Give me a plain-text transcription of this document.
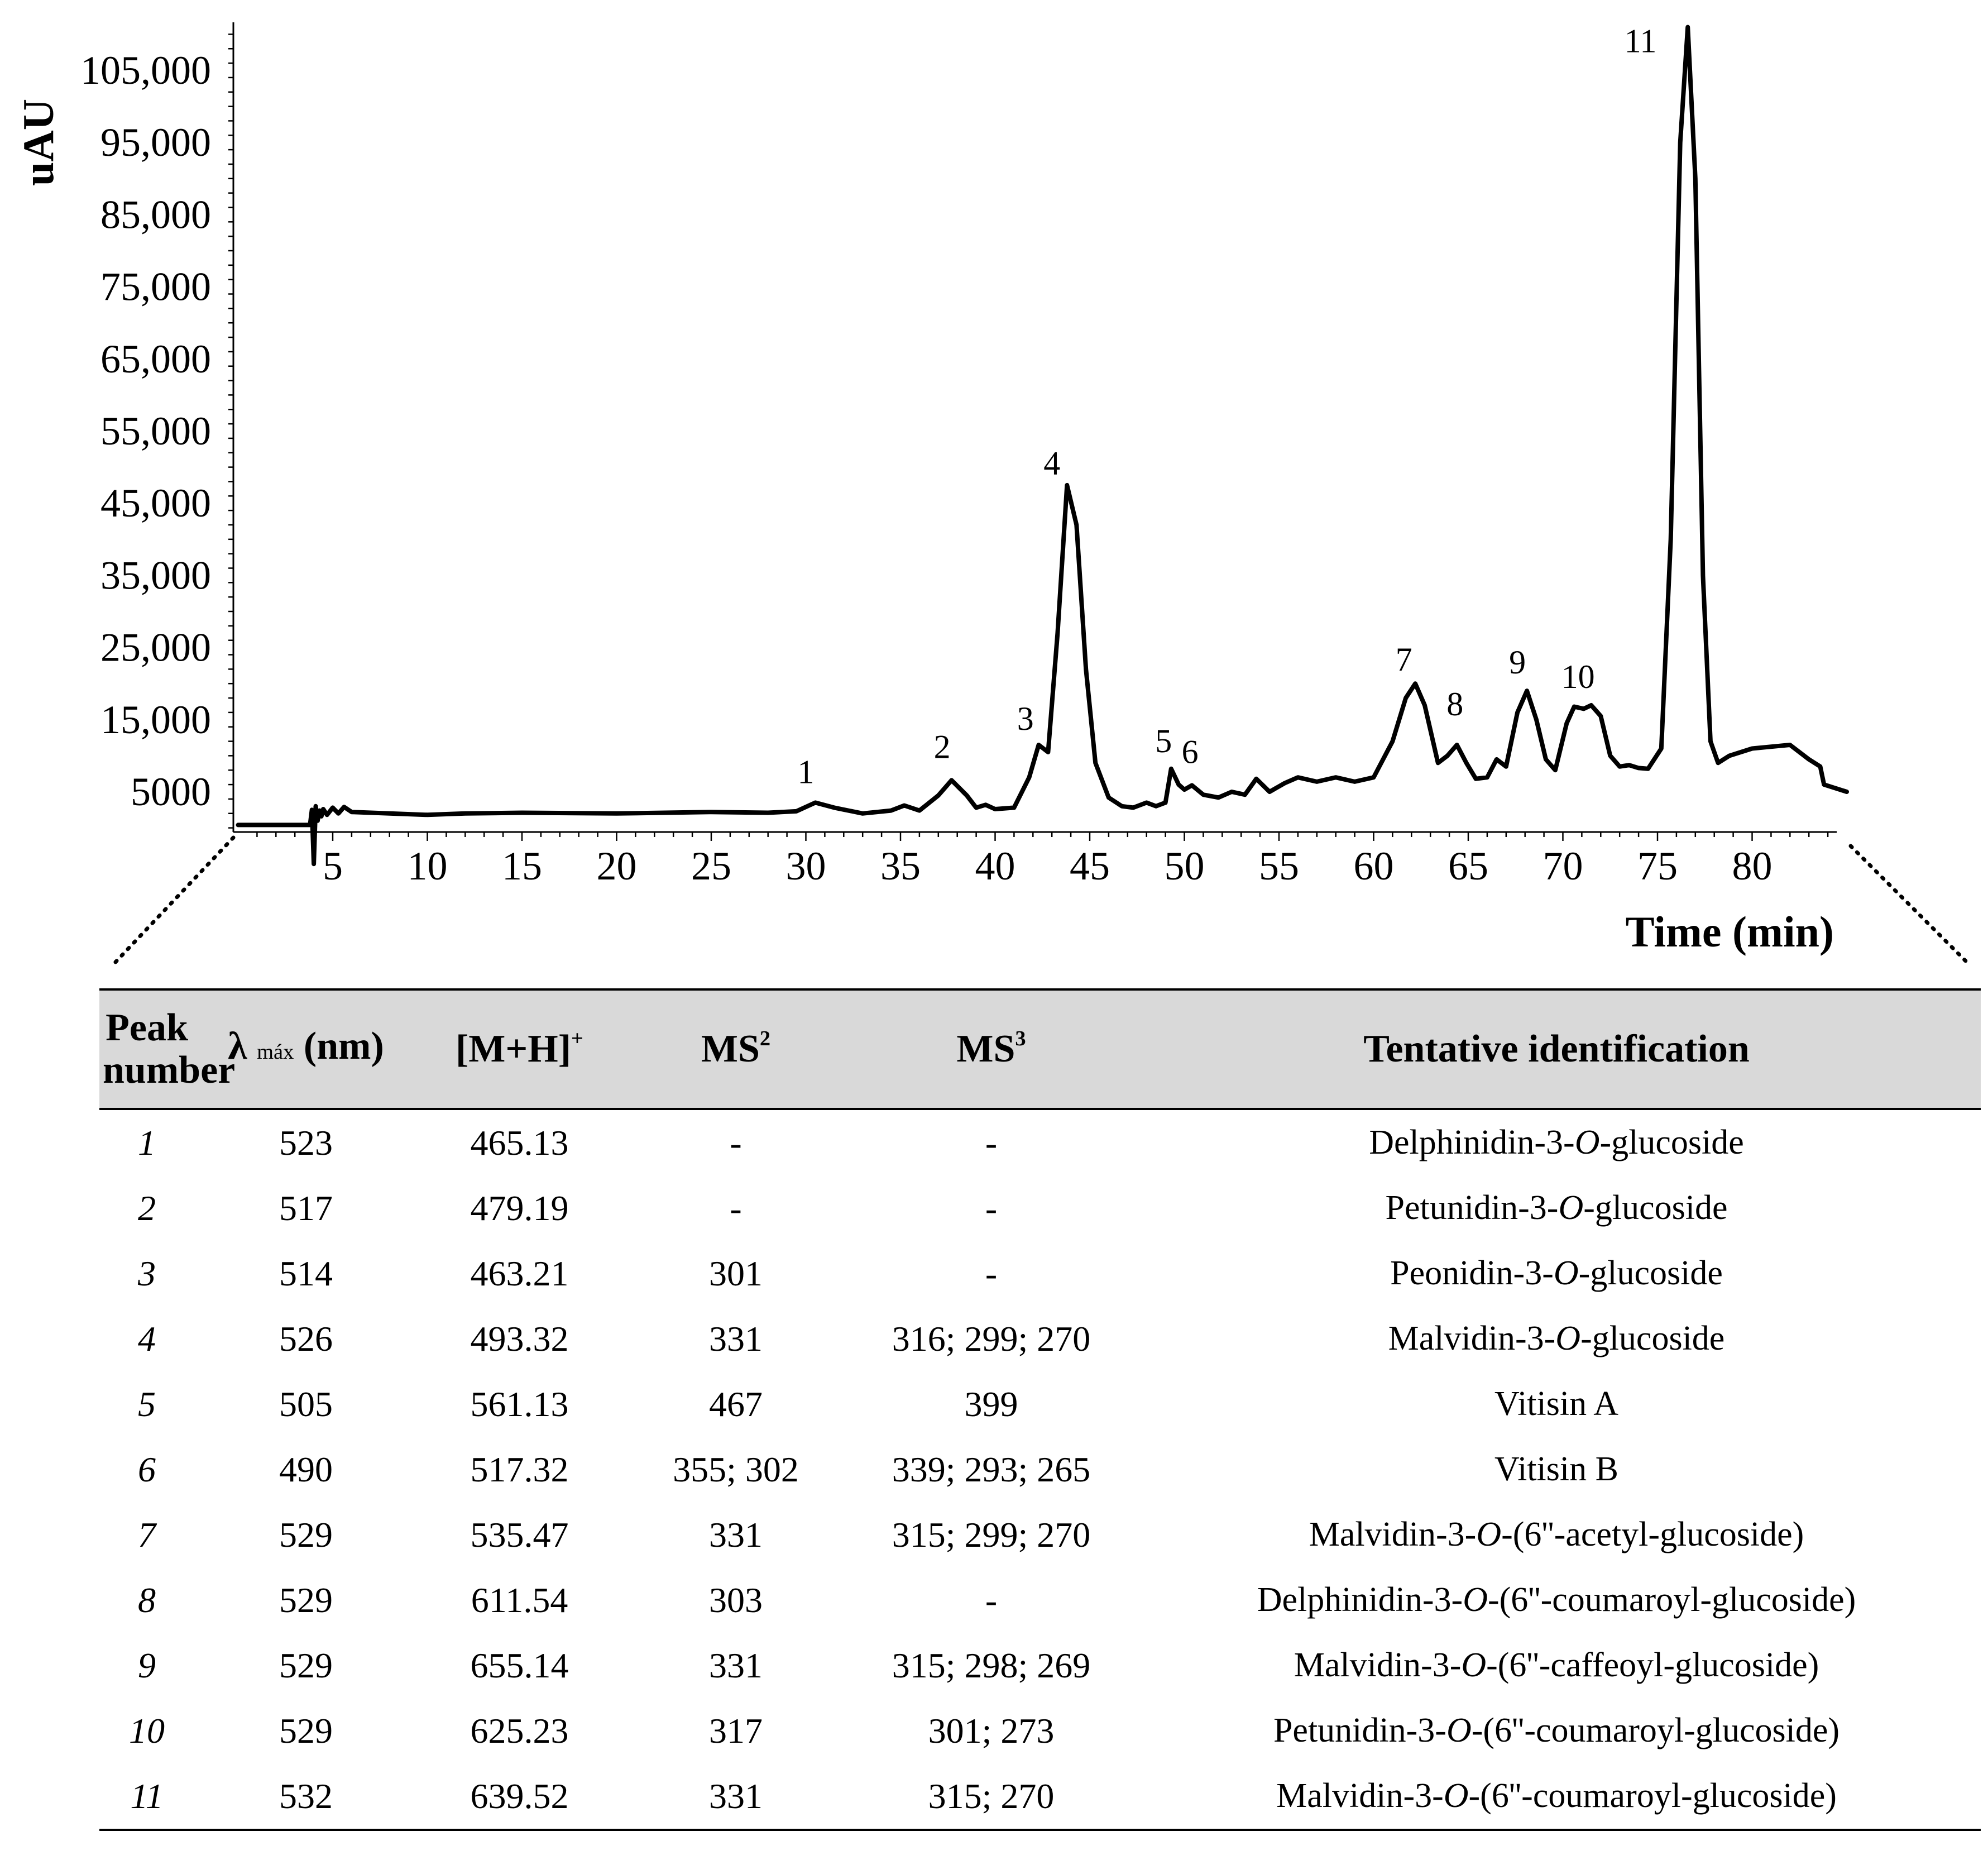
5000
15,000
25,000
35,000
45,000
55,000
65,000
75,000
85,000
95,000
105,000
5 10 15 20 25 30 35 40 45 50 55 60 65 70 75 80
1
2
3
4
5 6
7
8
9 10
11
uAU
Time (min)
Peak
number	λ máx (nm)	[M+H]+	$MS^2$	$MS^3$	Tentative identification
1	523	465.13	-	-	Delphinidin-3-O-glucoside
2	517	479.19	-	-	Petunidin-3-O-glucoside
3	514	463.21	301	-	Peonidin-3-O-glucoside
4	526	493.32	331	316; 299; 270	Malvidin-3-O-glucoside
5	505	561.13	467	399	Vitisin A
6	490	517.32	355; 302	339; 293; 265	Vitisin B
7	529	535.47	331	315; 299; 270	Malvidin-3-O-(6''-acetyl-glucoside)
8	529	611.54	303	-	Delphinidin-3-O-(6''-coumaroyl-glucoside)
9	529	655.14	331	315; 298; 269	Malvidin-3-O-(6''-caffeoyl-glucoside)
10	529	625.23	317	301; 273	Petunidin-3-O-(6''-coumaroyl-glucoside)
11	532	639.52	331	315; 270	Malvidin-3-O-(6''-coumaroyl-glucoside)
